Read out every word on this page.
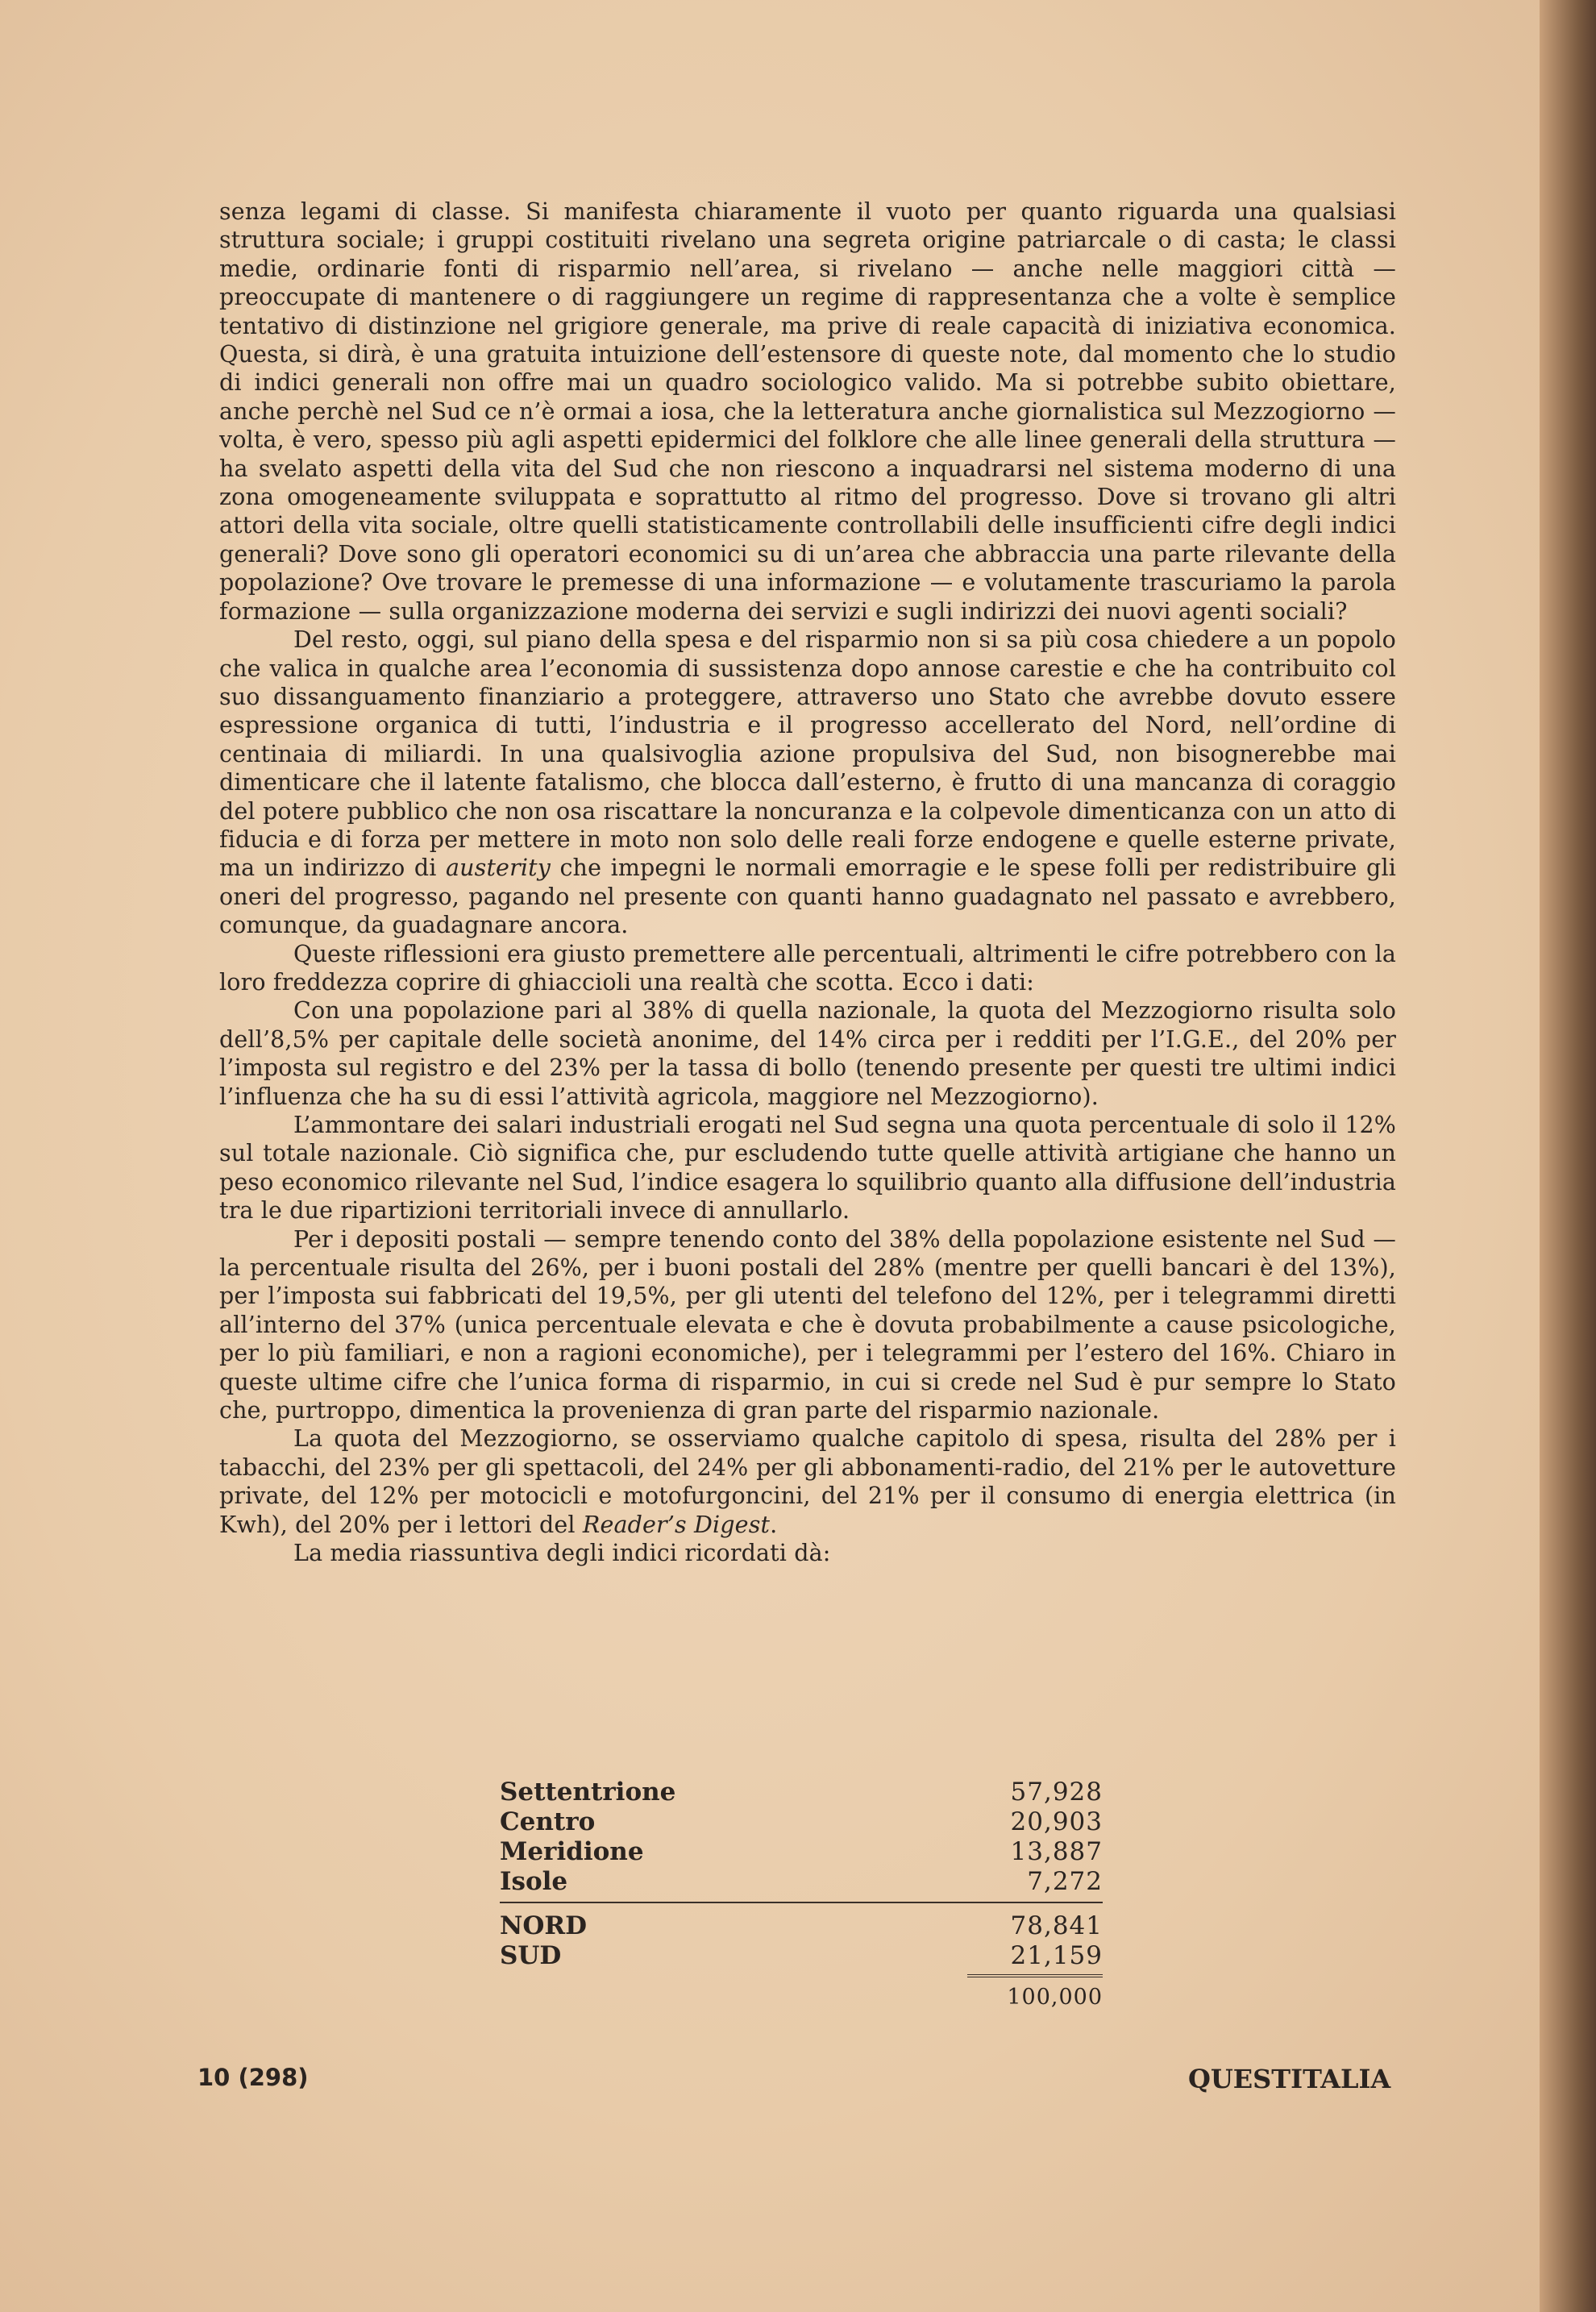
senza legami di classe. Si manifesta chiaramente il vuoto per quanto riguarda una qualsiasi struttura sociale; i gruppi costituiti rivelano una segreta origine patriarcale o di casta; le classi medie, ordinarie fonti di risparmio nell’area, si rivelano — anche nelle maggiori città — preoccupate di mantenere o di raggiungere un regime di rappresentanza che a volte è semplice tentativo di distinzione nel grigiore generale, ma prive di reale capacità di iniziativa economica. Questa, si dirà, è una gratuita intuizione dell’estensore di queste note, dal momento che lo studio di indici generali non offre mai un quadro sociologico valido. Ma si potrebbe subito obiettare, anche perchè nel Sud ce n’è ormai a iosa, che la letteratura anche giornalistica sul Mezzogiorno — volta, è vero, spesso più agli aspetti epidermici del folklore che alle linee generali della struttura — ha svelato aspetti della vita del Sud che non riescono a inquadrarsi nel sistema moderno di una zona omogeneamente sviluppata e soprattutto al ritmo del progresso. Dove si trovano gli altri attori della vita sociale, oltre quelli statisticamente controllabili delle insufficienti cifre degli indici generali? Dove sono gli operatori economici su di un’area che abbraccia una parte rilevante della popolazione? Ove trovare le premesse di una informazione — e volutamente trascuriamo la parola formazione — sulla organizzazione moderna dei servizi e sugli indirizzi dei nuovi agenti sociali?

Del resto, oggi, sul piano della spesa e del risparmio non si sa più cosa chiedere a un popolo che valica in qualche area l’economia di sussistenza dopo annose carestie e che ha contribuito col suo dissanguamento finanziario a proteggere, attraverso uno Stato che avrebbe dovuto essere espressione organica di tutti, l’industria e il progresso accellerato del Nord, nell’ordine di centinaia di miliardi. In una qualsivoglia azione propulsiva del Sud, non bisognerebbe mai dimenticare che il latente fatalismo, che blocca dall’esterno, è frutto di una mancanza di coraggio del potere pubblico che non osa riscattare la noncuranza e la colpevole dimenticanza con un atto di fiducia e di forza per mettere in moto non solo delle reali forze endogene e quelle esterne private, ma un indirizzo di austerity che impegni le normali emorragie e le spese folli per redistribuire gli oneri del progresso, pagando nel presente con quanti hanno guadagnato nel passato e avrebbero, comunque, da guadagnare ancora.

Queste riflessioni era giusto premettere alle percentuali, altrimenti le cifre potrebbero con la loro freddezza coprire di ghiaccioli una realtà che scotta. Ecco i dati:

Con una popolazione pari al 38% di quella nazionale, la quota del Mezzogiorno risulta solo dell’8,5% per capitale delle società anonime, del 14% circa per i redditi per l’I.G.E., del 20% per l’imposta sul registro e del 23% per la tassa di bollo (tenendo presente per questi tre ultimi indici l’influenza che ha su di essi l’attività agricola, maggiore nel Mezzogiorno).

L’ammontare dei salari industriali erogati nel Sud segna una quota percentuale di solo il 12% sul totale nazionale. Ciò significa che, pur escludendo tutte quelle attività artigiane che hanno un peso economico rilevante nel Sud, l’indice esagera lo squilibrio quanto alla diffusione dell’industria tra le due ripartizioni territoriali invece di annullarlo.

Per i depositi postali — sempre tenendo conto del 38% della popolazione esistente nel Sud — la percentuale risulta del 26%, per i buoni postali del 28% (mentre per quelli bancari è del 13%), per l’imposta sui fabbricati del 19,5%, per gli utenti del telefono del 12%, per i telegrammi diretti all’interno del 37% (unica percentuale elevata e che è dovuta probabilmente a cause psicologiche, per lo più familiari, e non a ragioni economiche), per i telegrammi per l’estero del 16%. Chiaro in queste ultime cifre che l’unica forma di risparmio, in cui si crede nel Sud è pur sempre lo Stato che, purtroppo, dimentica la provenienza di gran parte del risparmio nazionale.

La quota del Mezzogiorno, se osserviamo qualche capitolo di spesa, risulta del 28% per i tabacchi, del 23% per gli spettacoli, del 24% per gli abbonamenti-radio, del 21% per le autovetture private, del 12% per motocicli e motofurgoncini, del 21% per il consumo di energia elettrica (in Kwh), del 20% per i lettori del Reader’s Digest.

La media riassuntiva degli indici ricordati dà:

Settentrione	57,928
Centro	20,903
Meridione	13,887
Isole	7,272
NORD	78,841
SUD	21,159
100,000
10 (298)	QUESTITALIA
